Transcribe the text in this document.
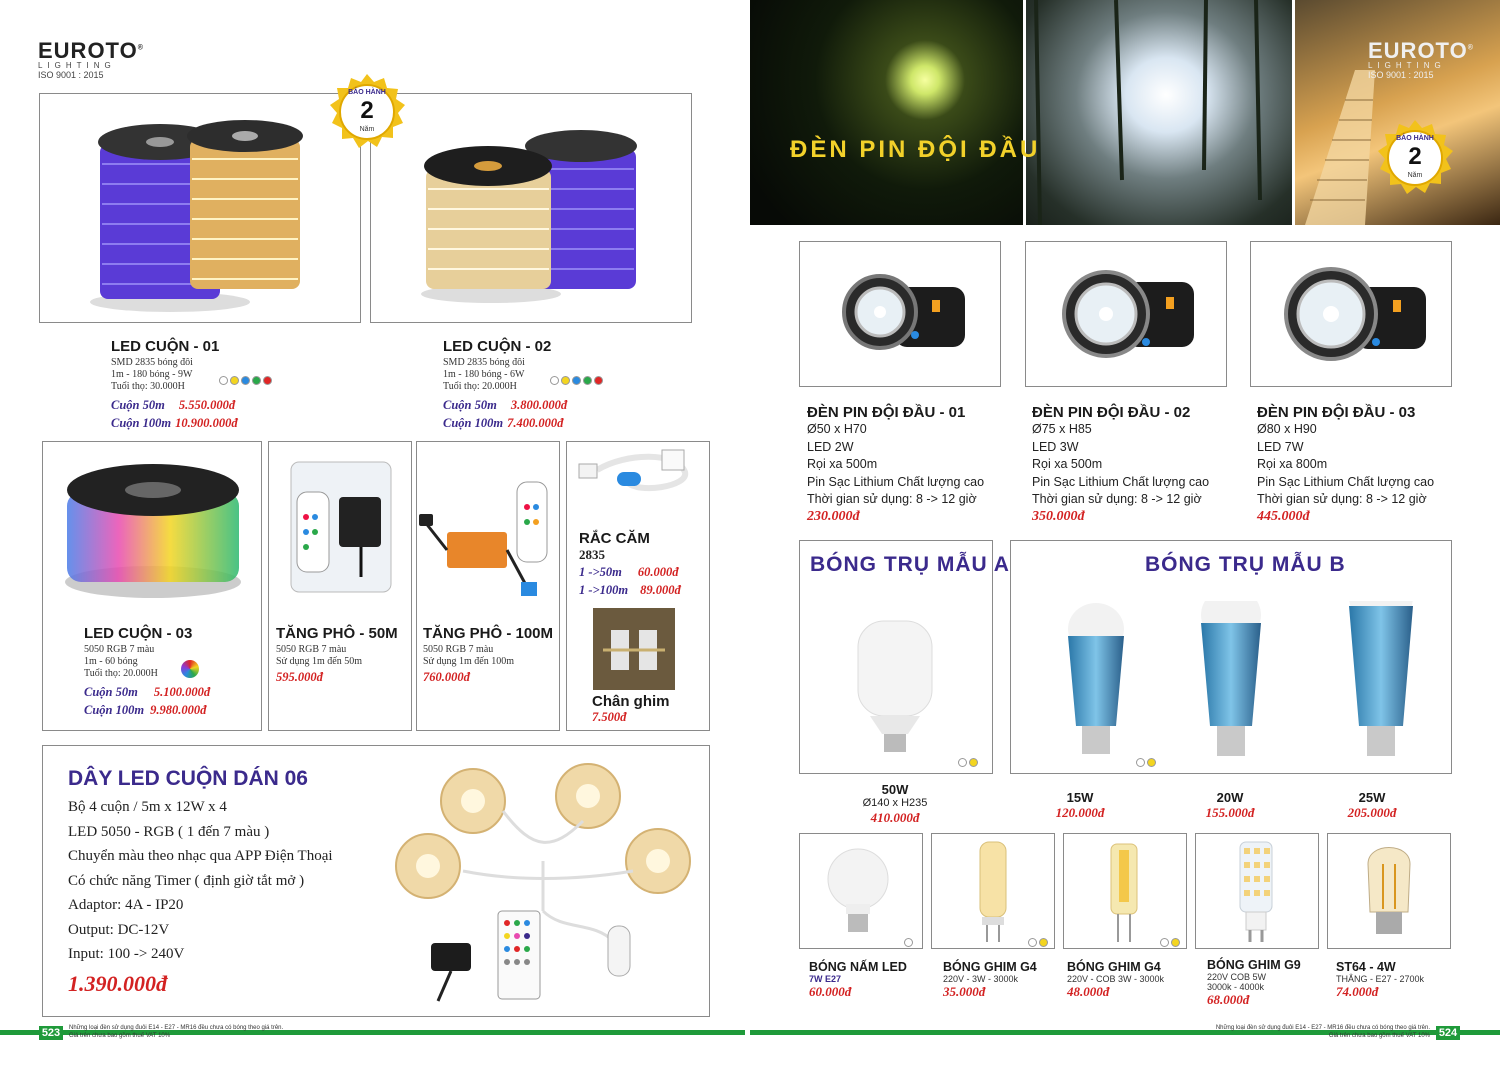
EUROTO®
LIGHTING
ISO 9001 : 2015
BẢO HÀNH
2
Năm
LED CUỘN - 01
SMD 2835 bóng đôi
1m - 180 bóng - 9W
Tuổi thọ: 30.000H
Cuộn 50m 5.550.000đ
Cuộn 100m 10.900.000đ
LED CUỘN - 02
SMD 2835 bóng đôi
1m - 180 bóng - 6W
Tuổi thọ: 20.000H
Cuộn 50m 3.800.000đ
Cuộn 100m 7.400.000đ
LED CUỘN - 03
5050 RGB 7 màu
1m - 60 bóng
Tuổi thọ: 20.000H
Cuộn 50m 5.100.000đ
Cuộn 100m 9.980.000đ
TĂNG PHÔ - 50M
5050 RGB 7 màu
Sử dụng 1m đến 50m
595.000đ
TĂNG PHÔ - 100M
5050 RGB 7 màu
Sử dụng 1m đến 100m
760.000đ
RẮC CĂM
2835
1 ->50m 60.000đ
1 ->100m 89.000đ
Chân ghim
7.500đ
DÂY LED CUỘN DÁN 06
Bộ 4 cuộn / 5m x 12W x 4
LED 5050 - RGB ( 1 đến 7 màu )
Chuyển màu theo nhạc qua APP Điện Thoại
Có chức năng Timer ( định giờ tắt mở )
Adaptor: 4A - IP20
Output: DC-12V
Input: 100 -> 240V
1.390.000đ
523	Những loại đèn sử dụng đuôi E14 - E27 - MR16 đều chưa có bóng theo giá trên.
Giá trên chưa bao gồm thuế VAT 10%
ĐÈN PIN ĐỘI ĐẦU
EUROTO®
LIGHTING
ISO 9001 : 2015
BẢO HÀNH
2
Năm
ĐÈN PIN ĐỘI ĐẦU - 01
Ø50 x H70
LED 2W
Rọi xa 500m
Pin Sạc Lithium Chất lượng cao
Thời gian sử dụng: 8 -> 12 giờ
230.000đ
ĐÈN PIN ĐỘI ĐẦU - 02
Ø75 x H85
LED 3W
Rọi xa 500m
Pin Sạc Lithium Chất lượng cao
Thời gian sử dụng: 8 -> 12 giờ
350.000đ
ĐÈN PIN ĐỘI ĐẦU - 03
Ø80 x H90
LED 7W
Rọi xa 800m
Pin Sạc Lithium Chất lượng cao
Thời gian sử dụng: 8 -> 12 giờ
445.000đ
BÓNG TRỤ MẪU A	BÓNG TRỤ MẪU B
50W
Ø140 x H235
410.000đ
15W
120.000đ
20W
155.000đ
25W
205.000đ
BÓNG NẤM LED
7W E27
60.000đ
BÓNG GHIM G4
220V - 3W - 3000k
35.000đ
BÓNG GHIM G4
220V - COB 3W - 3000k
48.000đ
BÓNG GHIM G9
220V COB 5W
3000k - 4000k
68.000đ
ST64 - 4W
THẲNG - E27 - 2700k
74.000đ
524
Những loại đèn sử dụng đuôi E14 - E27 - MR16 đều chưa có bóng theo giá trên.
Giá trên chưa bao gồm thuế VAT 10%
